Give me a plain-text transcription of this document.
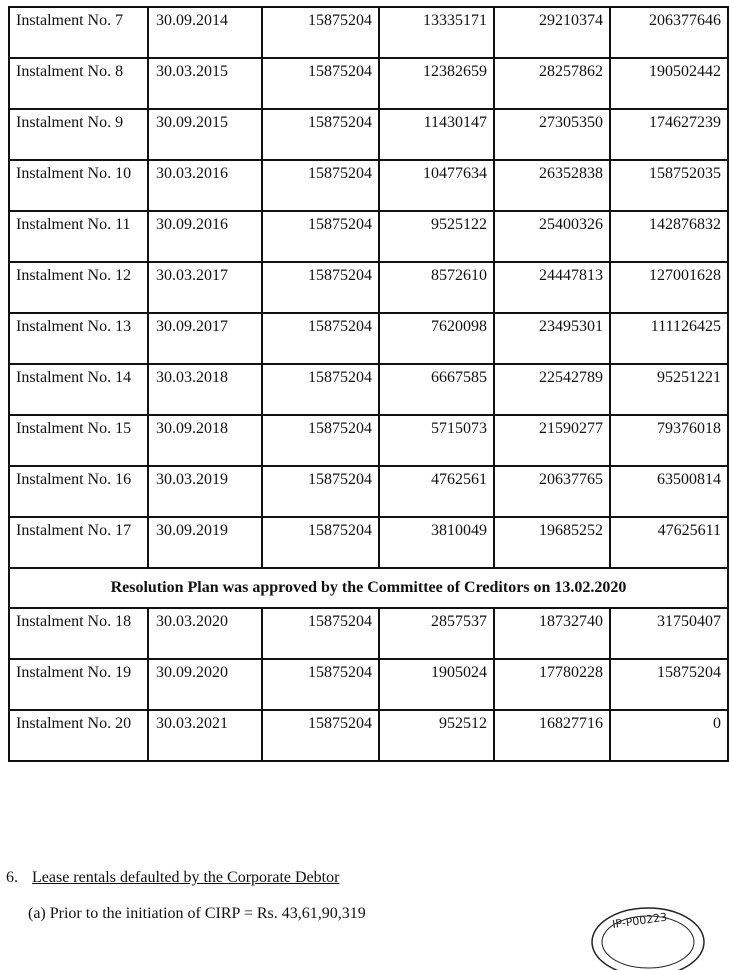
Instalment No. 7	30.09.2014	15875204	13335171	29210374	206377646
Instalment No. 8	30.03.2015	15875204	12382659	28257862	190502442
Instalment No. 9	30.09.2015	15875204	11430147	27305350	174627239
Instalment No. 10	30.03.2016	15875204	10477634	26352838	158752035
Instalment No. 11	30.09.2016	15875204	9525122	25400326	142876832
Instalment No. 12	30.03.2017	15875204	8572610	24447813	127001628
Instalment No. 13	30.09.2017	15875204	7620098	23495301	111126425
Instalment No. 14	30.03.2018	15875204	6667585	22542789	95251221
Instalment No. 15	30.09.2018	15875204	5715073	21590277	79376018
Instalment No. 16	30.03.2019	15875204	4762561	20637765	63500814
Instalment No. 17	30.09.2019	15875204	3810049	19685252	47625611
Resolution Plan was approved by the Committee of Creditors on 13.02.2020					
Instalment No. 18	30.03.2020	15875204	2857537	18732740	31750407
Instalment No. 19	30.09.2020	15875204	1905024	17780228	15875204
Instalment No. 20	30.03.2021	15875204	952512	16827716	0
6. Lease rentals defaulted by the Corporate Debtor
(a) Prior to the initiation of CIRP = Rs. 43,61,90,319	IP-P00223
